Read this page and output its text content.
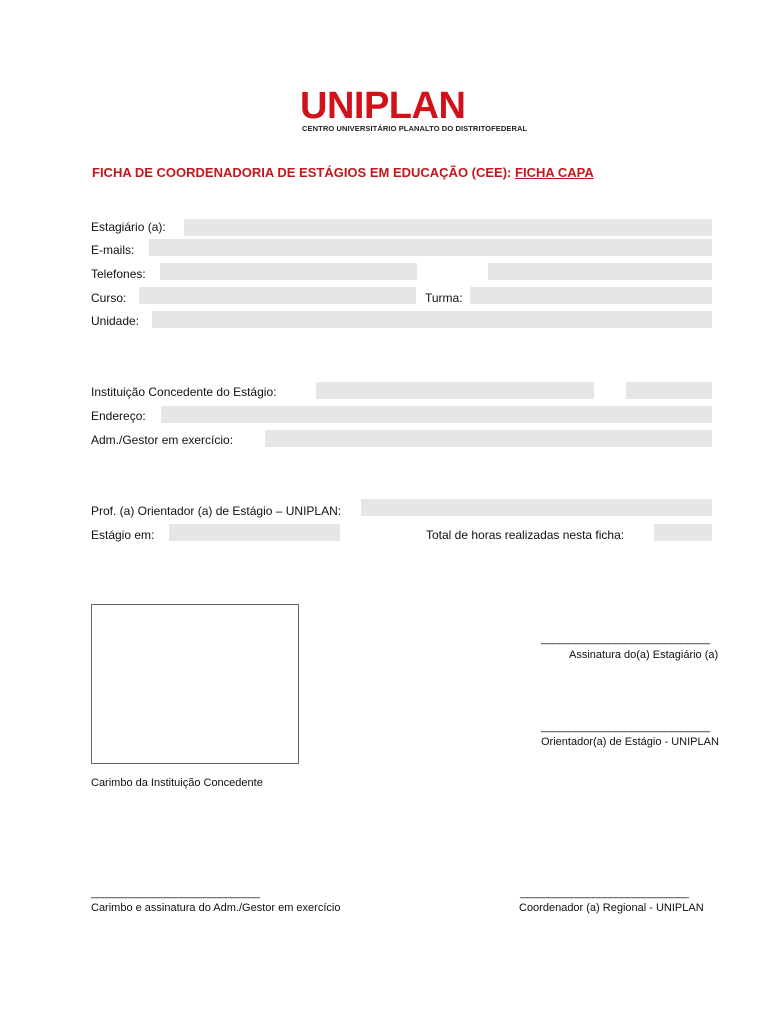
UNIPLAN
CENTRO UNIVERSITÁRIO PLANALTO DO DISTRITOFEDERAL
FICHA DE COORDENADORIA DE ESTÁGIOS EM EDUCAÇÃO (CEE): FICHA CAPA
Estagiário (a):
E-mails:
Telefones:
Curso:	Turma:
Unidade:
Instituição Concedente do Estágio:
Endereço:
Adm./Gestor em exercício:
Prof. (a) Orientador (a) de Estágio – UNIPLAN:
Estágio em:	Total de horas realizadas nesta ficha:
Carimbo da Instituição Concedente
______________________________
Assinatura do(a) Estagiário (a)
______________________________
Orientador(a) de Estágio - UNIPLAN
______________________________
Carimbo e assinatura do Adm./Gestor em exercício
______________________________
Coordenador (a) Regional - UNIPLAN
